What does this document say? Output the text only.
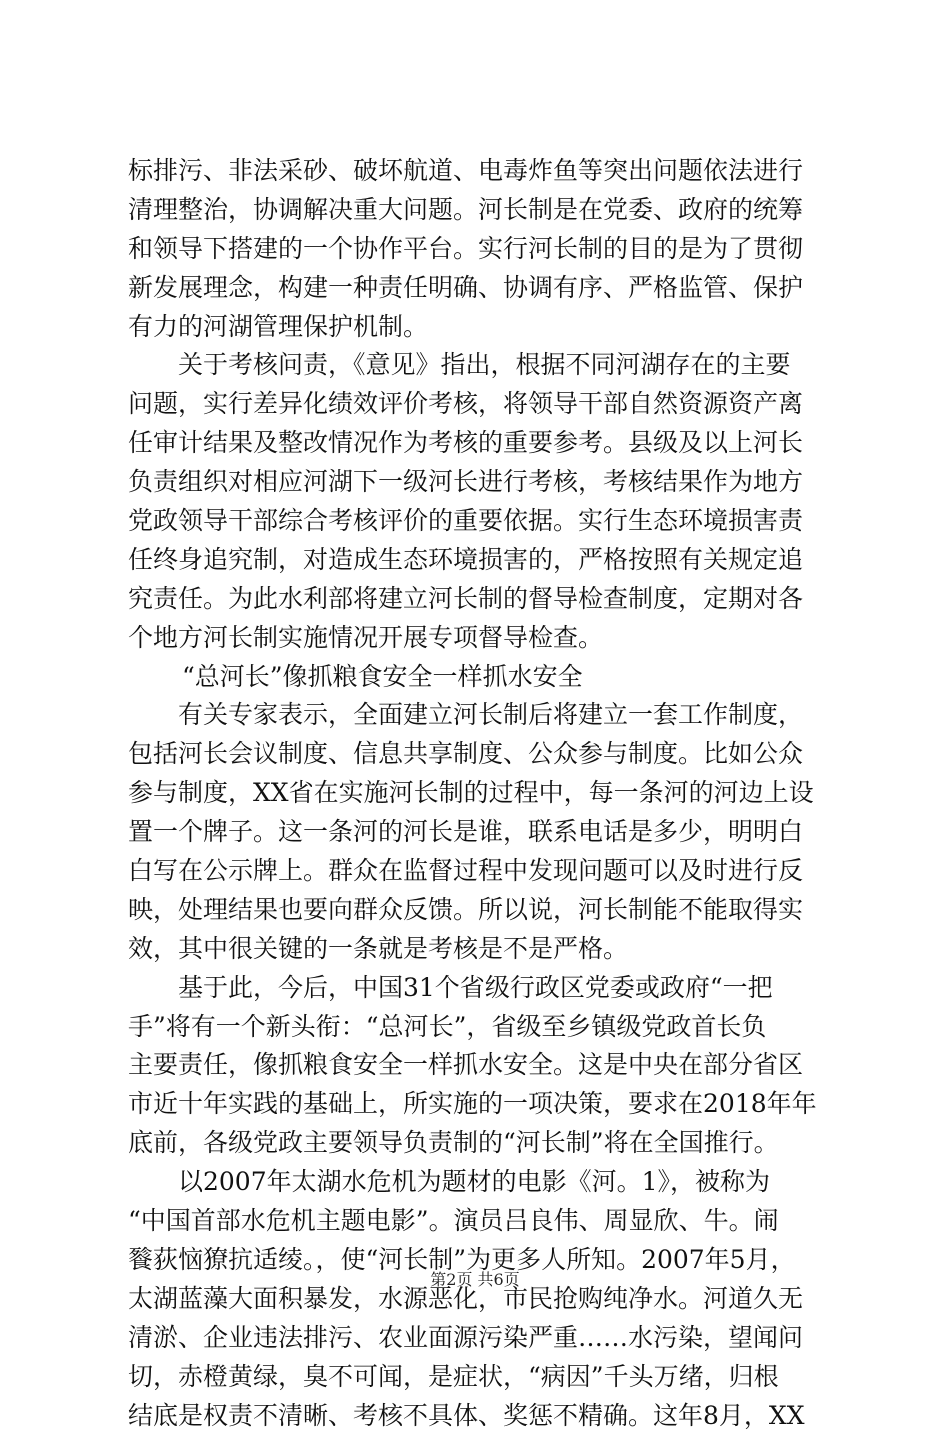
标排污、非法采砂、破坏航道、电毒炸鱼等突出问题依法进行
清理整治，协调解决重大问题。河长制是在党委、政府的统筹
和领导下搭建的一个协作平台。实行河长制的目的是为了贯彻
新发展理念，构建一种责任明确、协调有序、严格监管、保护
有力的河湖管理保护机制。
关于考核问责，《意见》指出，根据不同河湖存在的主要
问题，实行差异化绩效评价考核，将领导干部自然资源资产离
任审计结果及整改情况作为考核的重要参考。县级及以上河长
负责组织对相应河湖下一级河长进行考核，考核结果作为地方
党政领导干部综合考核评价的重要依据。实行生态环境损害责
任终身追究制，对造成生态环境损害的，严格按照有关规定追
究责任。为此水利部将建立河长制的督导检查制度，定期对各
个地方河长制实施情况开展专项督导检查。
“总河长”像抓粮食安全一样抓水安全
有关专家表示，全面建立河长制后将建立一套工作制度，
包括河长会议制度、信息共享制度、公众参与制度。比如公众
参与制度，XX省在实施河长制的过程中，每一条河的河边上设
置一个牌子。这一条河的河长是谁，联系电话是多少，明明白
白写在公示牌上。群众在监督过程中发现问题可以及时进行反
映，处理结果也要向群众反馈。所以说，河长制能不能取得实
效，其中很关键的一条就是考核是不是严格。
基于此，今后，中国31个省级行政区党委或政府“一把
手”将有一个新头衔：“总河长”，省级至乡镇级党政首长负
主要责任，像抓粮食安全一样抓水安全。这是中央在部分省区
市近十年实践的基础上，所实施的一项决策，要求在2018年年
底前，各级党政主要领导负责制的“河长制”将在全国推行。
以2007年太湖水危机为题材的电影《河。1》，被称为
“中国首部水危机主题电影”。演员吕良伟、周显欣、牛。闹
餮荻恼獠抗适绫。，使“河长制”为更多人所知。2007年5月，
太湖蓝藻大面积暴发，水源恶化，市民抢购纯净水。河道久无
清淤、企业违法排污、农业面源污染严重……水污染，望闻问
切，赤橙黄绿，臭不可闻，是症状，“病因”千头万绪，归根
结底是权责不清晰、考核不具体、奖惩不精确。这年8月，XX
第2页 共6页
